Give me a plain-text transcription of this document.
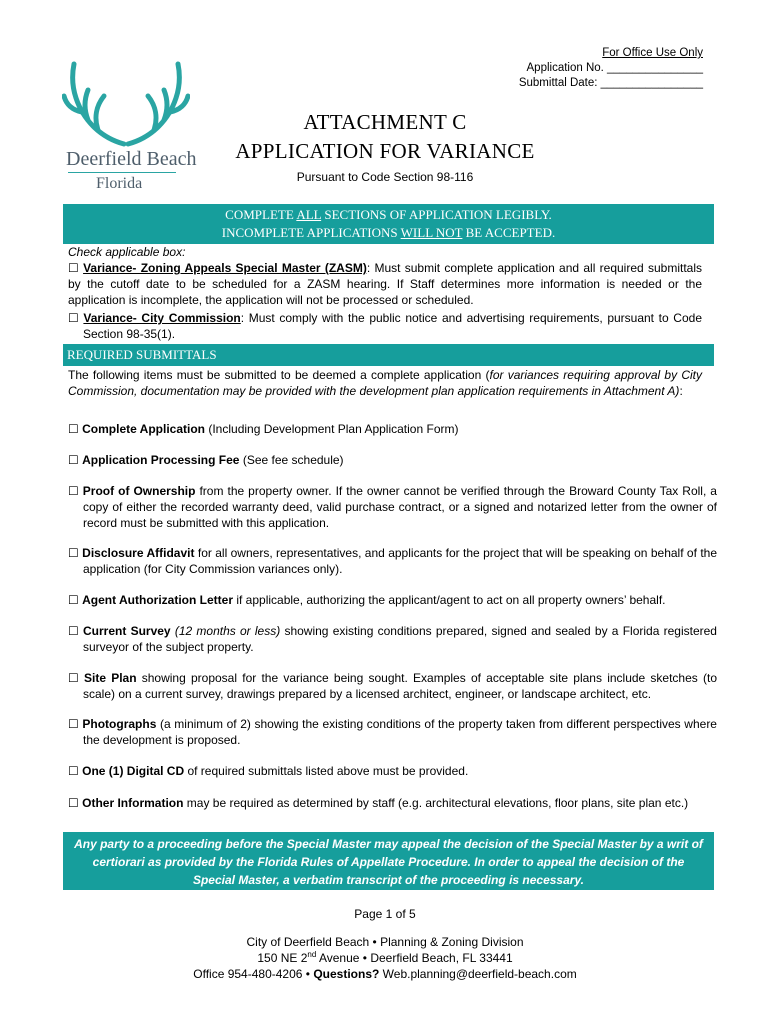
Deerfield Beach
Florida
For Office Use Only
Application No. _______________
Submittal Date: ________________
ATTACHMENT C
APPLICATION FOR VARIANCE
Pursuant to Code Section 98-116
COMPLETE ALL SECTIONS OF APPLICATION LEGIBLY.
INCOMPLETE APPLICATIONS WILL NOT BE ACCEPTED.
Check applicable box:
☐ Variance- Zoning Appeals Special Master (ZASM): Must submit complete application and all required submittals by the cutoff date to be scheduled for a ZASM hearing. If Staff determines more information is needed or the application is incomplete, the application will not be processed or scheduled.
☐ Variance- City Commission: Must comply with the public notice and advertising requirements, pursuant to Code Section 98-35(1).
REQUIRED SUBMITTALS
The following items must be submitted to be deemed a complete application (for variances requiring approval by City Commission, documentation may be provided with the development plan application requirements in Attachment A):
☐ Complete Application (Including Development Plan Application Form)
☐ Application Processing Fee (See fee schedule)
☐ Proof of Ownership from the property owner. If the owner cannot be verified through the Broward County Tax Roll, a copy of either the recorded warranty deed, valid purchase contract, or a signed and notarized letter from the owner of record must be submitted with this application.
☐ Disclosure Affidavit for all owners, representatives, and applicants for the project that will be speaking on behalf of the application (for City Commission variances only).
☐ Agent Authorization Letter if applicable, authorizing the applicant/agent to act on all property owners’ behalf.
☐ Current Survey (12 months or less) showing existing conditions prepared, signed and sealed by a Florida registered surveyor of the subject property.
☐ Site Plan showing proposal for the variance being sought. Examples of acceptable site plans include sketches (to scale) on a current survey, drawings prepared by a licensed architect, engineer, or landscape architect, etc.
☐ Photographs (a minimum of 2) showing the existing conditions of the property taken from different perspectives where the development is proposed.
☐ One (1) Digital CD of required submittals listed above must be provided.
☐ Other Information may be required as determined by staff (e.g. architectural elevations, floor plans, site plan etc.)
Any party to a proceeding before the Special Master may appeal the decision of the Special Master by a writ of certiorari as provided by the Florida Rules of Appellate Procedure. In order to appeal the decision of the Special Master, a verbatim transcript of the proceeding is necessary.
Page 1 of 5
City of Deerfield Beach • Planning & Zoning Division
150 NE 2nd Avenue • Deerfield Beach, FL 33441
Office 954-480-4206 • Questions? Web.planning@deerfield-beach.com
